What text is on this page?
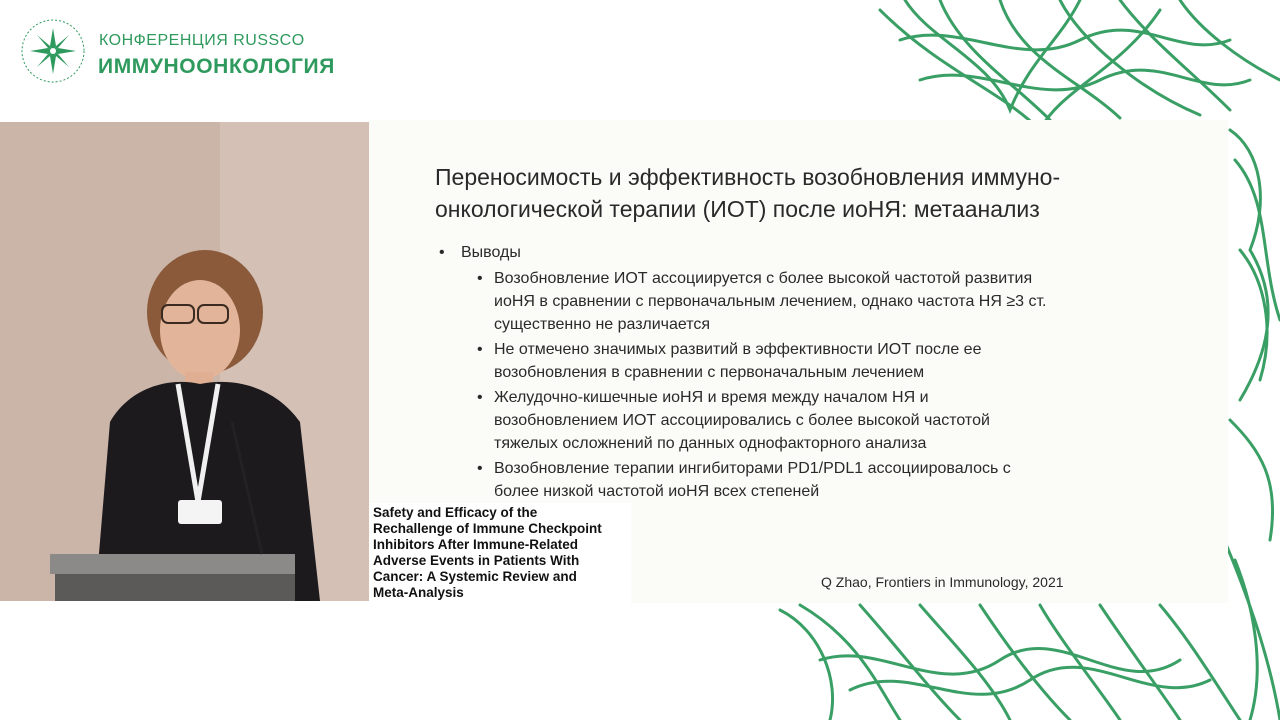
КОНФЕРЕНЦИЯ RUSSCO
ИММУНООНКОЛОГИЯ
Переносимость и эффективность возобновления иммуно-
онкологической терапии (ИОТ) после иоНЯ: метаанализ
• Выводы
• Возобновление ИОТ ассоциируется с более высокой частотой развития
иоНЯ в сравнении с первоначальным лечением, однако частота НЯ ≥3 ст.
существенно не различается
• Не отмечено значимых развитий в эффективности ИОТ после ее
возобновления в сравнении с первоначальным лечением
• Желудочно-кишечные иоНЯ и время между началом НЯ и
возобновлением ИОТ ассоциировались с более высокой частотой
тяжелых осложнений по данных однофакторного анализа
• Возобновление терапии ингибиторами PD1/PDL1 ассоциировалось с
более низкой частотой иоНЯ всех степеней
Q Zhao, Frontiers in Immunology, 2021
Safety and Efficacy of the
Rechallenge of Immune Checkpoint
Inhibitors After Immune-Related
Adverse Events in Patients With
Cancer: A Systemic Review and
Meta-Analysis
